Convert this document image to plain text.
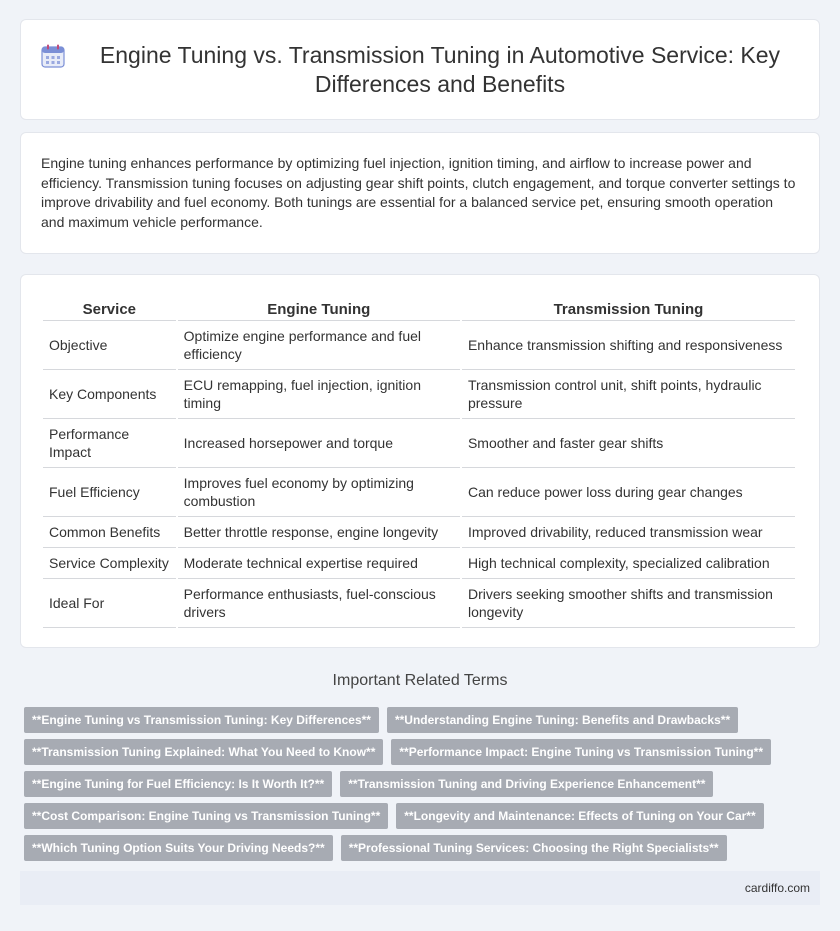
Engine Tuning vs. Transmission Tuning in Automotive Service: Key Differences and Benefits

Engine tuning enhances performance by optimizing fuel injection, ignition timing, and airflow to increase power and efficiency. Transmission tuning focuses on adjusting gear shift points, clutch engagement, and torque converter settings to improve drivability and fuel economy. Both tunings are essential for a balanced service pet, ensuring smooth operation and maximum vehicle performance.

Service	Engine Tuning	Transmission Tuning
Objective	Optimize engine performance and fuel efficiency	Enhance transmission shifting and responsiveness
Key Components	ECU remapping, fuel injection, ignition timing	Transmission control unit, shift points, hydraulic pressure
Performance Impact	Increased horsepower and torque	Smoother and faster gear shifts
Fuel Efficiency	Improves fuel economy by optimizing combustion	Can reduce power loss during gear changes
Common Benefits	Better throttle response, engine longevity	Improved drivability, reduced transmission wear
Service Complexity	Moderate technical expertise required	High technical complexity, specialized calibration
Ideal For	Performance enthusiasts, fuel-conscious drivers	Drivers seeking smoother shifts and transmission longevity
Important Related Terms
**Engine Tuning vs Transmission Tuning: Key Differences**	**Understanding Engine Tuning: Benefits and Drawbacks**
**Transmission Tuning Explained: What You Need to Know**	**Performance Impact: Engine Tuning vs Transmission Tuning**
**Engine Tuning for Fuel Efficiency: Is It Worth It?**	**Transmission Tuning and Driving Experience Enhancement**
**Cost Comparison: Engine Tuning vs Transmission Tuning**	**Longevity and Maintenance: Effects of Tuning on Your Car**
**Which Tuning Option Suits Your Driving Needs?**	**Professional Tuning Services: Choosing the Right Specialists**
cardiffo.com
